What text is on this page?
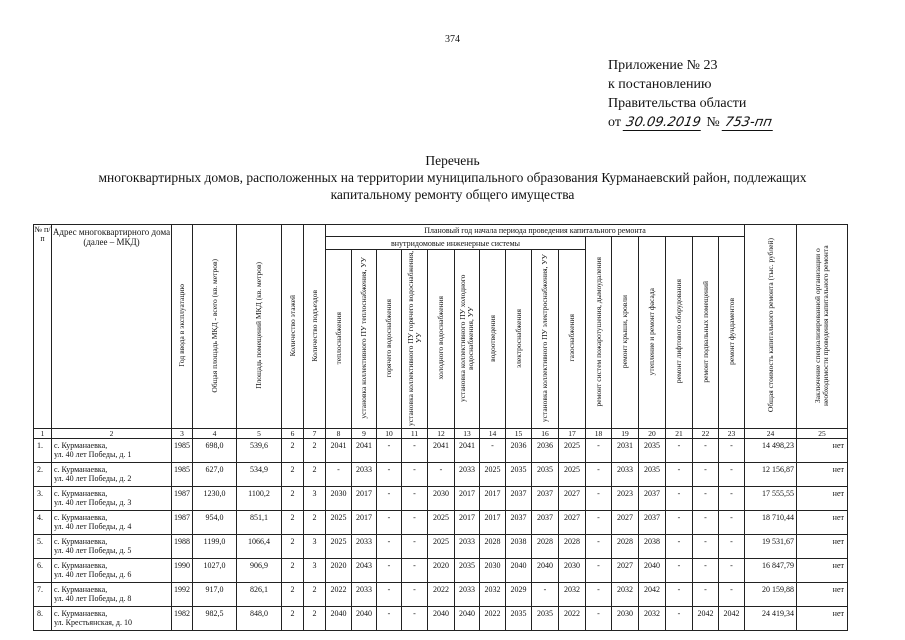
374
Приложение № 23
к постановлению
Правительства области
от 30.09.2019 № 753-пп
Перечень
многоквартирных домов, расположенных на территории муниципального образования Курманаевский район, подлежащих
капитальному ремонту общего имущества
№ п/п	Адрес многоквартирного дома (далее – МКД)	Год ввода в эксплуатацию	Общая площадь МКД - всего (кв. метров)	Площадь помещений МКД (кв. метров)	Количество этажей	Количество подъездов	Плановый год начала периода проведения капитального ремонта																Общая стоимость капитального ремонта (тыс. рублей)	Заключение специализированной организации о необходимости проведения капитального ремонта
							внутридомовые инженерные системы										ремонт систем пожаротушения, дымоудаления	ремонт крыши, кровли	утепление и ремонт фасада	ремонт лифтового оборудования	ремонт подвальных помещений	ремонт фундаментов		
							теплоснабжения	установка коллективного ПУ теплоснабжения, УУ	горячего водоснабжения	установка коллективного ПУ горячего водоснабжения, УУ	холодного водоснабжения	установка коллективного ПУ холодного водоснабжения, УУ	водоотведения	электроснабжения	установка коллективного ПУ электроснабжения, УУ	газоснабжения								
1	2	3	4	5	6	7	8	9	10	11	12	13	14	15	16	17	18	19	20	21	22	23	24	25
1.	с. Курманаевка,
ул. 40 лет Победы, д. 1	1985	698,0	539,6	2	2	2041	2041	-	-	2041	2041	-	2036	2036	2025	-	2031	2035	-	-	-	14 498,23	нет
2.	с. Курманаевка,
ул. 40 лет Победы, д. 2	1985	627,0	534,9	2	2	-	2033	-	-	-	2033	2025	2035	2035	2025	-	2033	2035	-	-	-	12 156,87	нет
3.	с. Курманаевка,
ул. 40 лет Победы, д. 3	1987	1230,0	1100,2	2	3	2030	2017	-	-	2030	2017	2017	2037	2037	2027	-	2023	2037	-	-	-	17 555,55	нет
4.	с. Курманаевка,
ул. 40 лет Победы, д. 4	1987	954,0	851,1	2	2	2025	2017	-	-	2025	2017	2017	2037	2037	2027	-	2027	2037	-	-	-	18 710,44	нет
5.	с. Курманаевка,
ул. 40 лет Победы, д. 5	1988	1199,0	1066,4	2	3	2025	2033	-	-	2025	2033	2028	2038	2028	2028	-	2028	2038	-	-	-	19 531,67	нет
6.	с. Курманаевка,
ул. 40 лет Победы, д. 6	1990	1027,0	906,9	2	3	2020	2043	-	-	2020	2035	2030	2040	2040	2030	-	2027	2040	-	-	-	16 847,79	нет
7.	с. Курманаевка,
ул. 40 лет Победы, д. 8	1992	917,0	826,1	2	2	2022	2033	-	-	2022	2033	2032	2029	-	2032	-	2032	2042	-	-	-	20 159,88	нет
8.	с. Курманаевка,
ул. Крестьянская, д. 10	1982	982,5	848,0	2	2	2040	2040	-	-	2040	2040	2022	2035	2035	2022	-	2030	2032	-	2042	2042	24 419,34	нет
